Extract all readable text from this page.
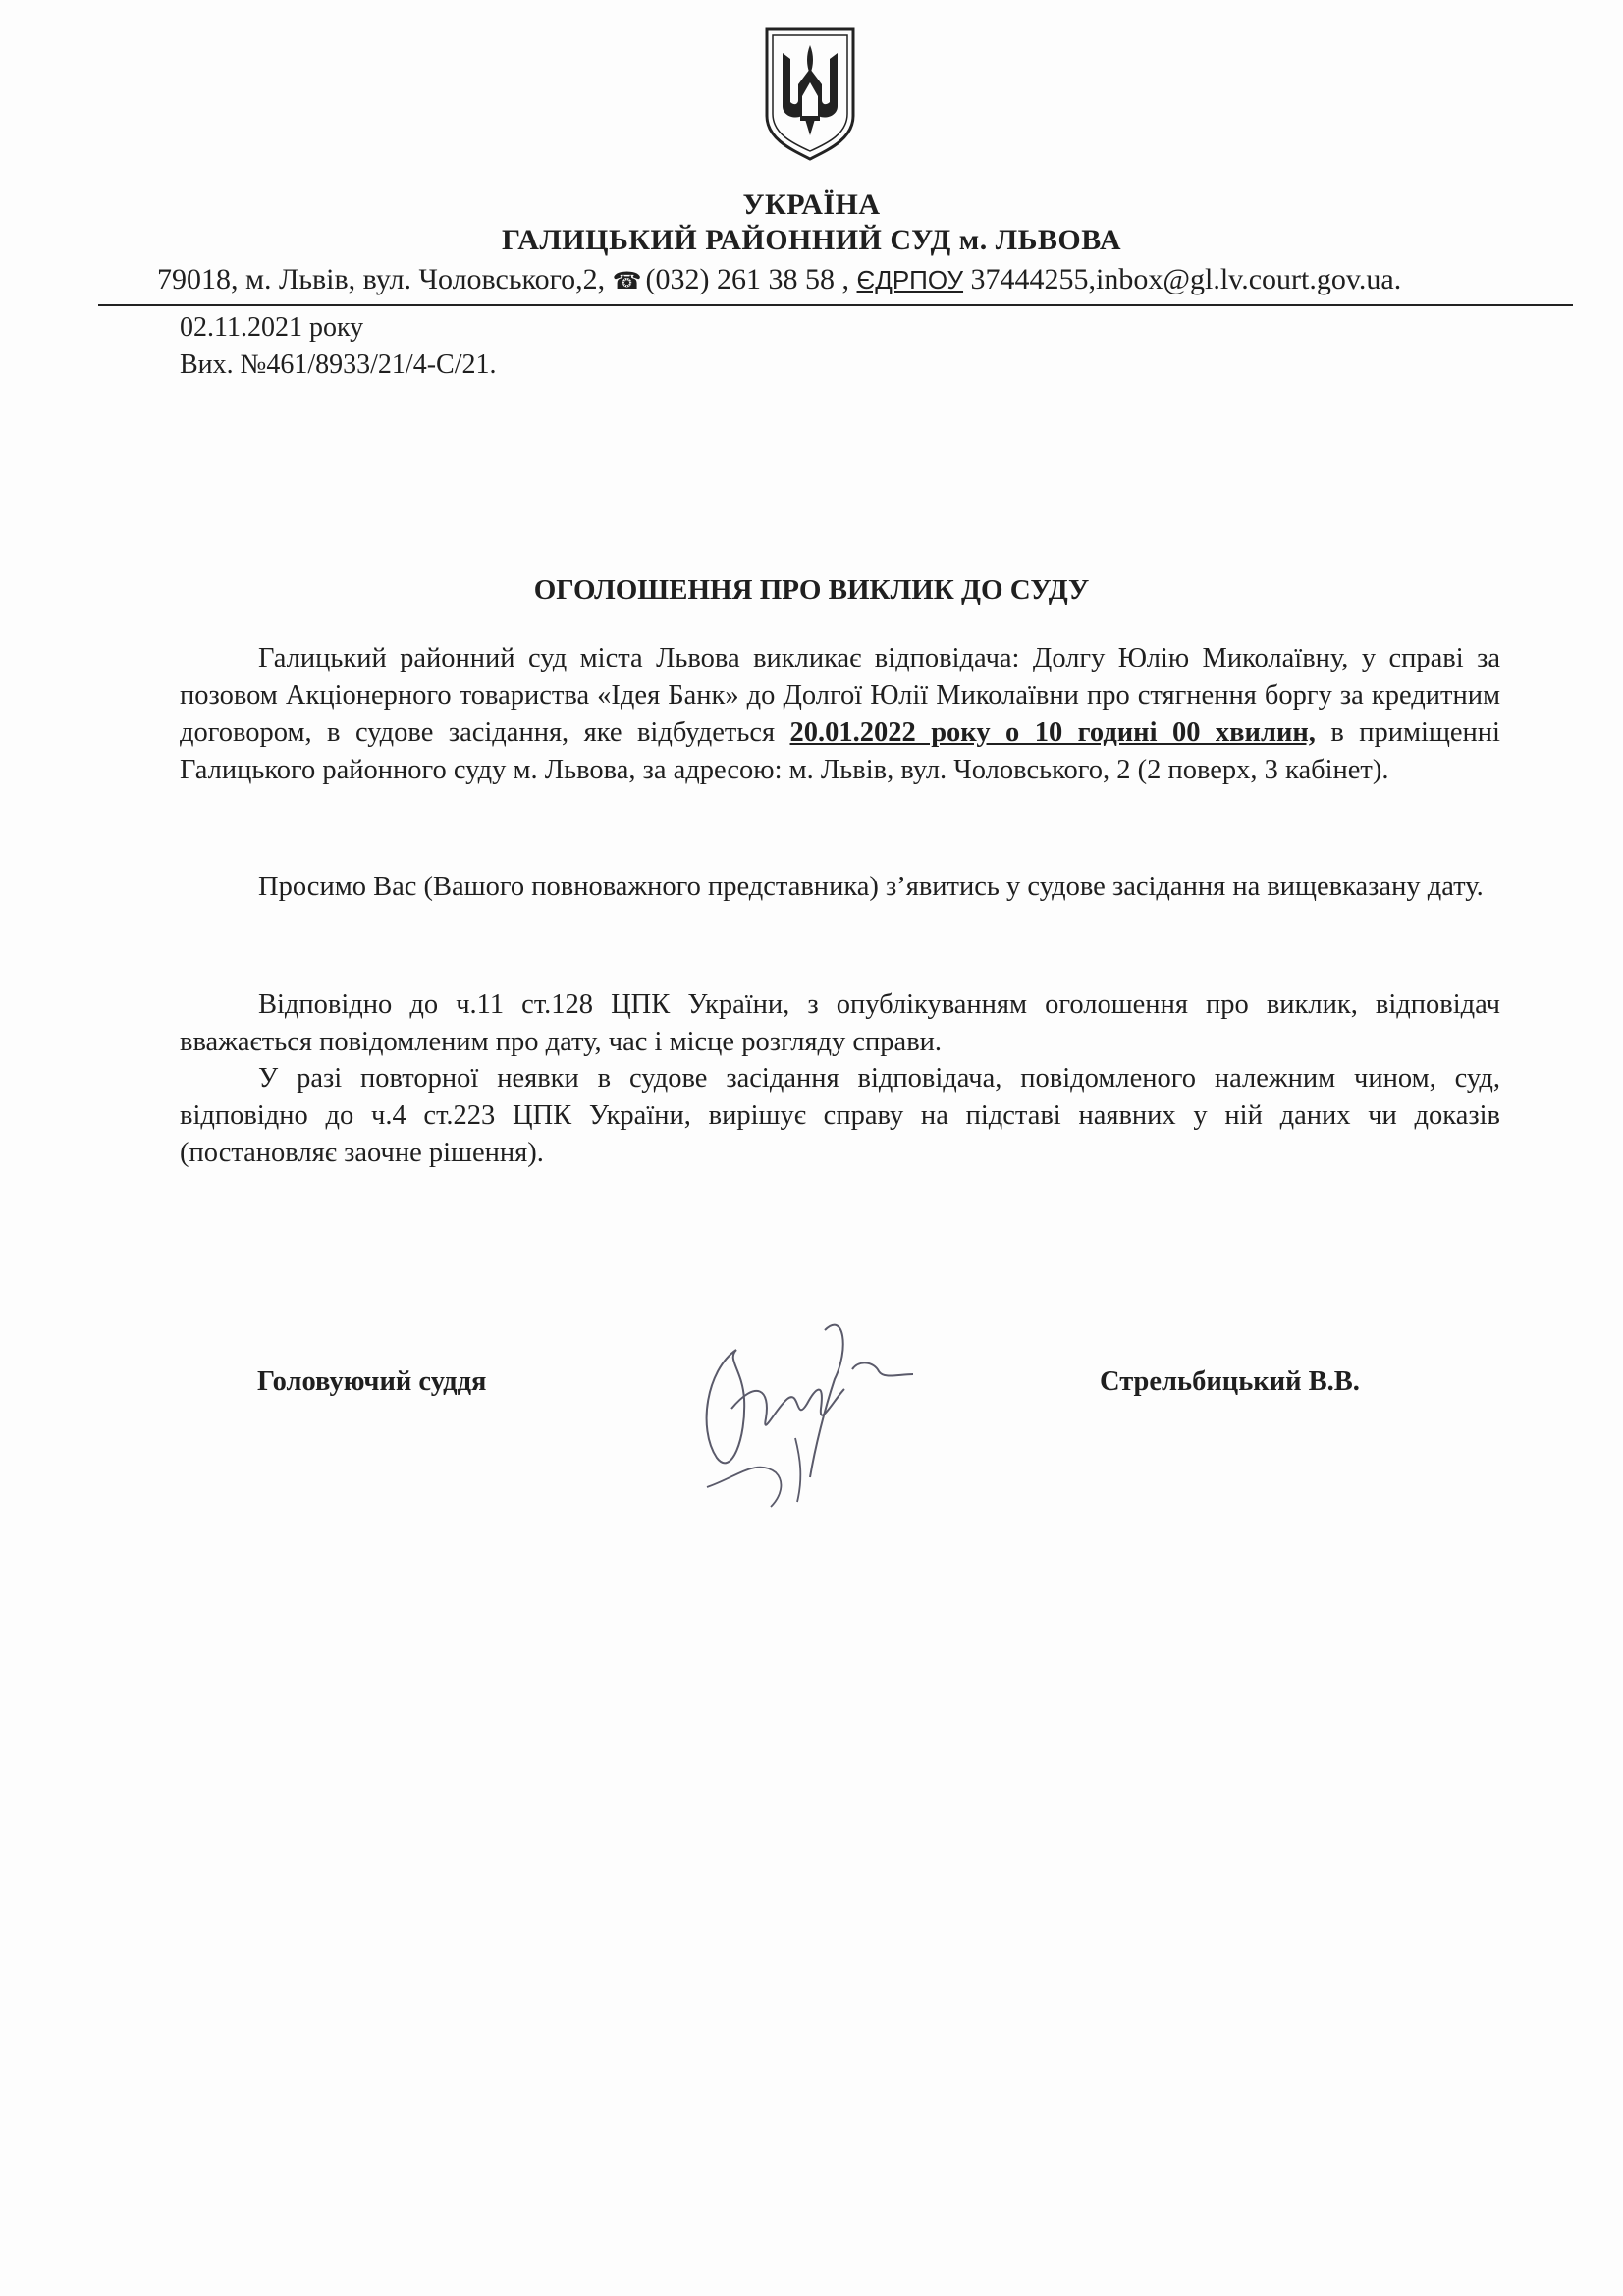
УКРАЇНА
ГАЛИЦЬКИЙ РАЙОННИЙ СУД м. ЛЬВОВА
79018, м. Львів, вул. Чоловського,2, ☎ (032) 261 38 58 , ЄДРПОУ 37444255,inbox@gl.lv.court.gov.ua.
02.11.2021 року
Вих. №461/8933/21/4-С/21.
ОГОЛОШЕННЯ ПРО ВИКЛИК ДО СУДУ
Галицький районний суд міста Львова викликає відповідача: Долгу Юлію Миколаївну, у справі за позовом Акціонерного товариства «Ідея Банк» до Долгої Юлії Миколаївни про стягнення боргу за кредитним договором, в судове засідання, яке відбудеться 20.01.2022 року о 10 годині 00 хвилин, в приміщенні Галицького районного суду м. Львова, за адресою: м. Львів, вул. Чоловського, 2 (2 поверх, 3 кабінет).
Просимо Вас (Вашого повноважного представника) з’явитись у судове засідання на вищевказану дату.
Відповідно до ч.11 ст.128 ЦПК України, з опублікуванням оголошення про виклик, відповідач вважається повідомленим про дату, час і місце розгляду справи.
У разі повторної неявки в судове засідання відповідача, повідомленого належним чином, суд, відповідно до ч.4 ст.223 ЦПК України, вирішує справу на підставі наявних у ній даних чи доказів (постановляє заочне рішення).
Головуючий суддя	Стрельбицький В.В.
